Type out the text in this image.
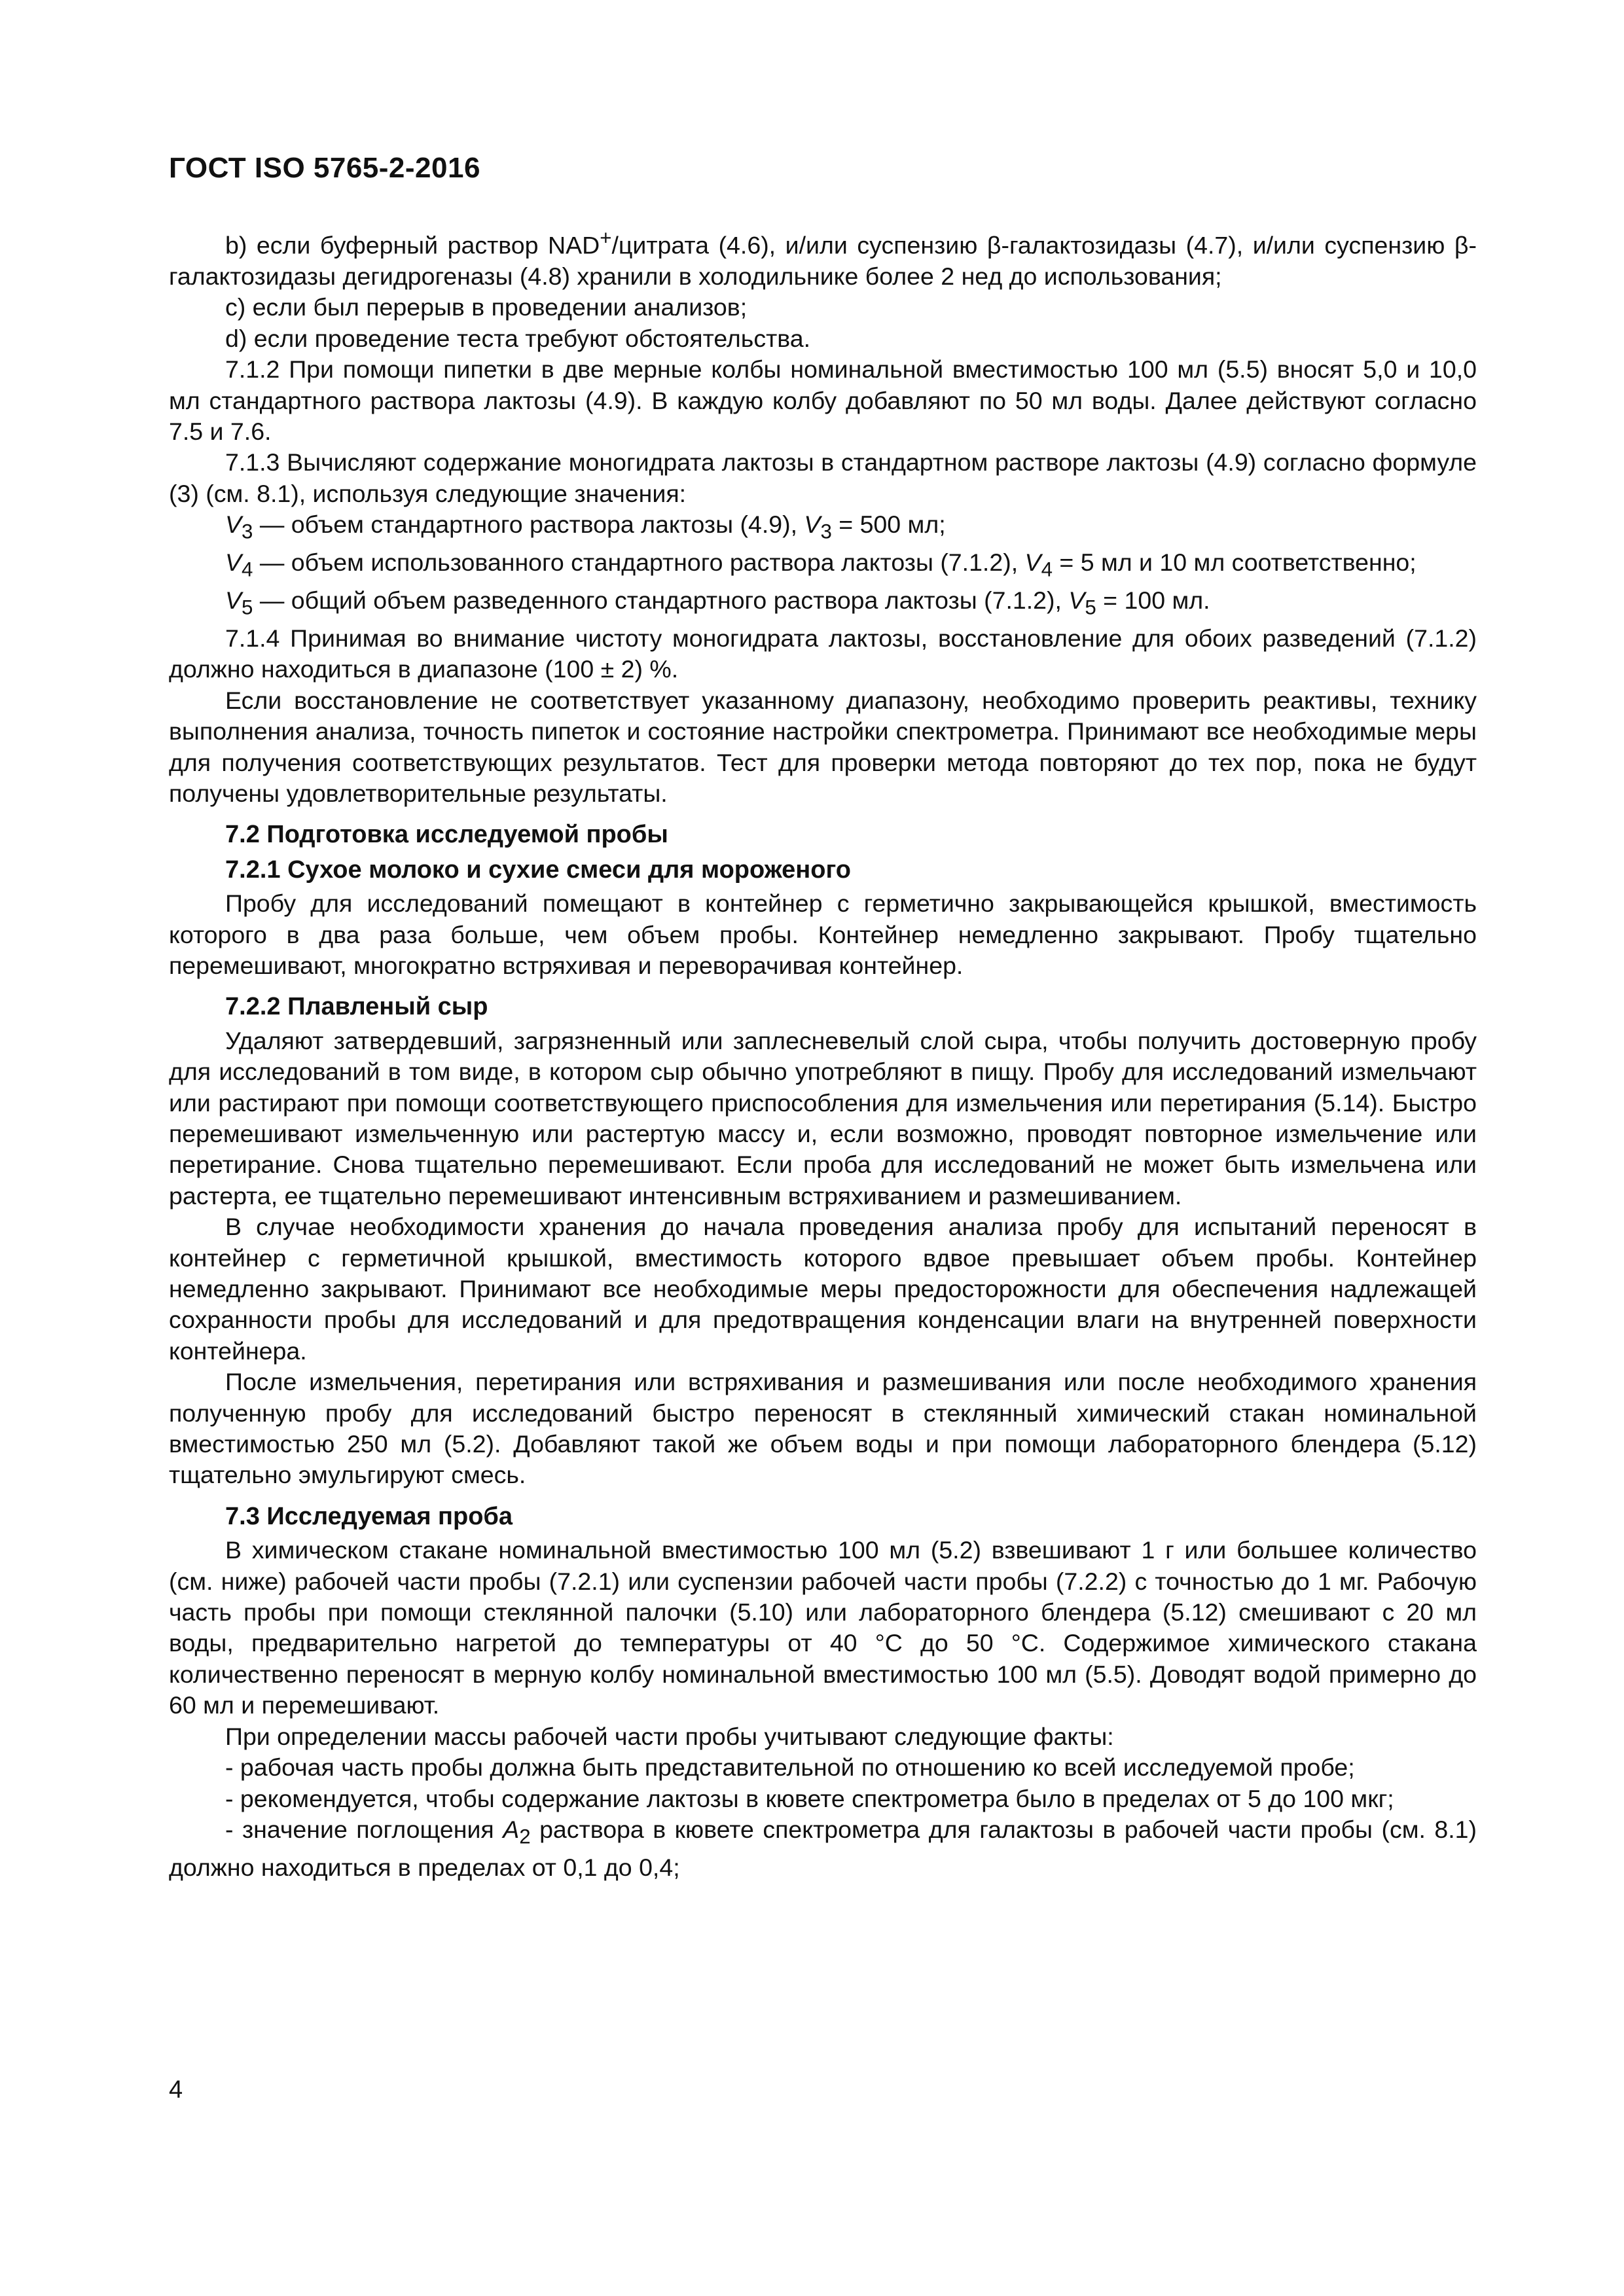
ГОСТ ISO 5765-2-2016

b) если буферный раствор NAD+/цитрата (4.6), и/или суспензию β-галактозидазы (4.7), и/или суспензию β-галактозидазы дегидрогеназы (4.8) хранили в холодильнике более 2 нед до использования;

c) если был перерыв в проведении анализов;

d) если проведение теста требуют обстоятельства.

7.1.2 При помощи пипетки в две мерные колбы номинальной вместимостью 100 мл (5.5) вносят 5,0 и 10,0 мл стандартного раствора лактозы (4.9). В каждую колбу добавляют по 50 мл воды. Далее действуют согласно 7.5 и 7.6.

7.1.3 Вычисляют содержание моногидрата лактозы в стандартном растворе лактозы (4.9) согласно формуле (3) (см. 8.1), используя следующие значения:

$V_3$ — объем стандартного раствора лактозы (4.9), $V_3 = 500$ мл;

$V_4$ — объем использованного стандартного раствора лактозы (7.1.2), $V_4 = 5$ мл и 10 мл соответственно;

$V_5$ — общий объем разведенного стандартного раствора лактозы (7.1.2), $V_5 = 100$ мл.

7.1.4 Принимая во внимание чистоту моногидрата лактозы, восстановление для обоих разведений (7.1.2) должно находиться в диапазоне (100 ± 2) %.

Если восстановление не соответствует указанному диапазону, необходимо проверить реактивы, технику выполнения анализа, точность пипеток и состояние настройки спектрометра. Принимают все необходимые меры для получения соответствующих результатов. Тест для проверки метода повторяют до тех пор, пока не будут получены удовлетворительные результаты.

7.2 Подготовка исследуемой пробы

7.2.1 Сухое молоко и сухие смеси для мороженого

Пробу для исследований помещают в контейнер с герметично закрывающейся крышкой, вместимость которого в два раза больше, чем объем пробы. Контейнер немедленно закрывают. Пробу тщательно перемешивают, многократно встряхивая и переворачивая контейнер.

7.2.2 Плавленый сыр

Удаляют затвердевший, загрязненный или заплесневелый слой сыра, чтобы получить достоверную пробу для исследований в том виде, в котором сыр обычно употребляют в пищу. Пробу для исследований измельчают или растирают при помощи соответствующего приспособления для измельчения или перетирания (5.14). Быстро перемешивают измельченную или растертую массу и, если возможно, проводят повторное измельчение или перетирание. Снова тщательно перемешивают. Если проба для исследований не может быть измельчена или растерта, ее тщательно перемешивают интенсивным встряхиванием и размешиванием.

В случае необходимости хранения до начала проведения анализа пробу для испытаний переносят в контейнер с герметичной крышкой, вместимость которого вдвое превышает объем пробы. Контейнер немедленно закрывают. Принимают все необходимые меры предосторожности для обеспечения надлежащей сохранности пробы для исследований и для предотвращения конденсации влаги на внутренней поверхности контейнера.

После измельчения, перетирания или встряхивания и размешивания или после необходимого хранения полученную пробу для исследований быстро переносят в стеклянный химический стакан номинальной вместимостью 250 мл (5.2). Добавляют такой же объем воды и при помощи лабораторного блендера (5.12) тщательно эмульгируют смесь.

7.3 Исследуемая проба

В химическом стакане номинальной вместимостью 100 мл (5.2) взвешивают 1 г или большее количество (см. ниже) рабочей части пробы (7.2.1) или суспензии рабочей части пробы (7.2.2) с точностью до 1 мг. Рабочую часть пробы при помощи стеклянной палочки (5.10) или лабораторного блендера (5.12) смешивают с 20 мл воды, предварительно нагретой до температуры от 40 °С до 50 °С. Содержимое химического стакана количественно переносят в мерную колбу номинальной вместимостью 100 мл (5.5). Доводят водой примерно до 60 мл и перемешивают.

При определении массы рабочей части пробы учитывают следующие факты:

- рабочая часть пробы должна быть представительной по отношению ко всей исследуемой пробе;

- рекомендуется, чтобы содержание лактозы в кювете спектрометра было в пределах от 5 до 100 мкг;

- значение поглощения $A_2$ раствора в кювете спектрометра для галактозы в рабочей части пробы (см. 8.1) должно находиться в пределах от 0,1 до 0,4;

4
